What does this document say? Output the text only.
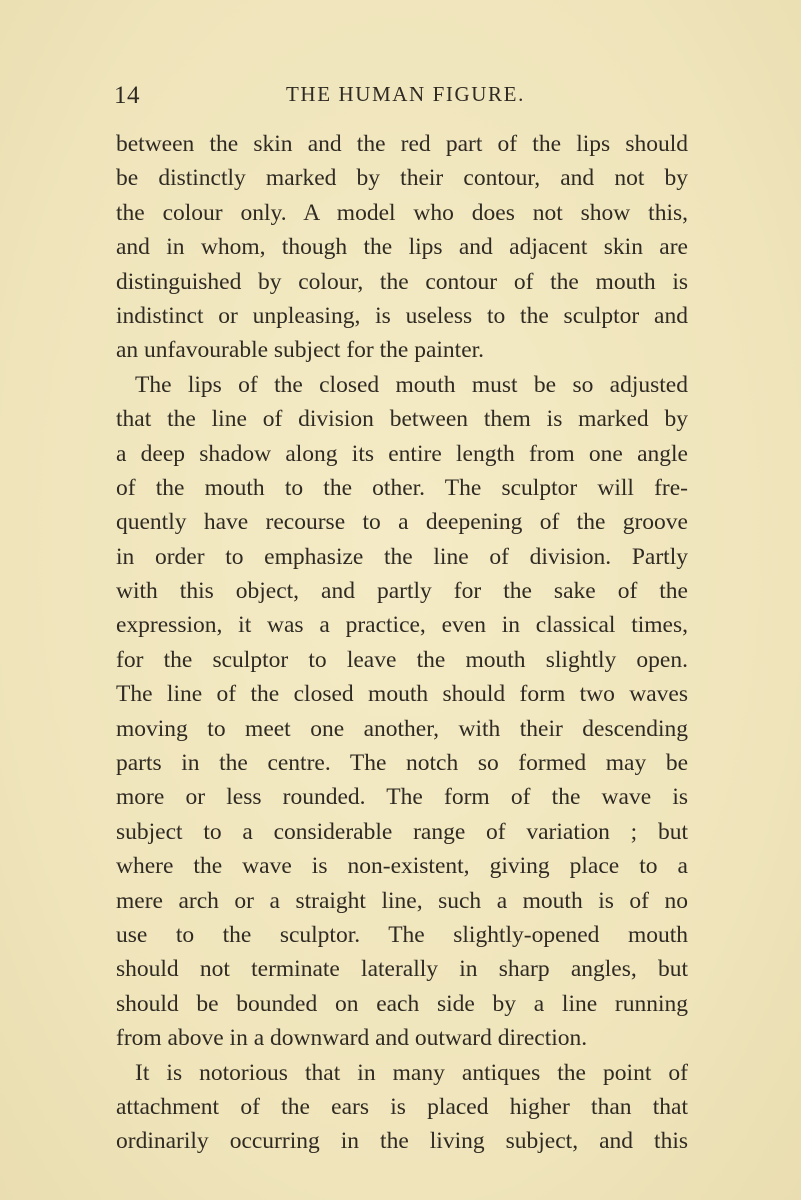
14	THE HUMAN FIGURE.
between the skin and the red part of the lips should
be distinctly marked by their contour, and not by
the colour only. A model who does not show this,
and in whom, though the lips and adjacent skin are
distinguished by colour, the contour of the mouth is
indistinct or unpleasing, is useless to the sculptor and
an unfavourable subject for the painter.
The lips of the closed mouth must be so adjusted
that the line of division between them is marked by
a deep shadow along its entire length from one angle
of the mouth to the other. The sculptor will fre-
quently have recourse to a deepening of the groove
in order to emphasize the line of division. Partly
with this object, and partly for the sake of the
expression, it was a practice, even in classical times,
for the sculptor to leave the mouth slightly open.
The line of the closed mouth should form two waves
moving to meet one another, with their descending
parts in the centre. The notch so formed may be
more or less rounded. The form of the wave is
subject to a considerable range of variation ; but
where the wave is non-existent, giving place to a
mere arch or a straight line, such a mouth is of no
use to the sculptor. The slightly-opened mouth
should not terminate laterally in sharp angles, but
should be bounded on each side by a line running
from above in a downward and outward direction.
It is notorious that in many antiques the point of
attachment of the ears is placed higher than that
ordinarily occurring in the living subject, and this
